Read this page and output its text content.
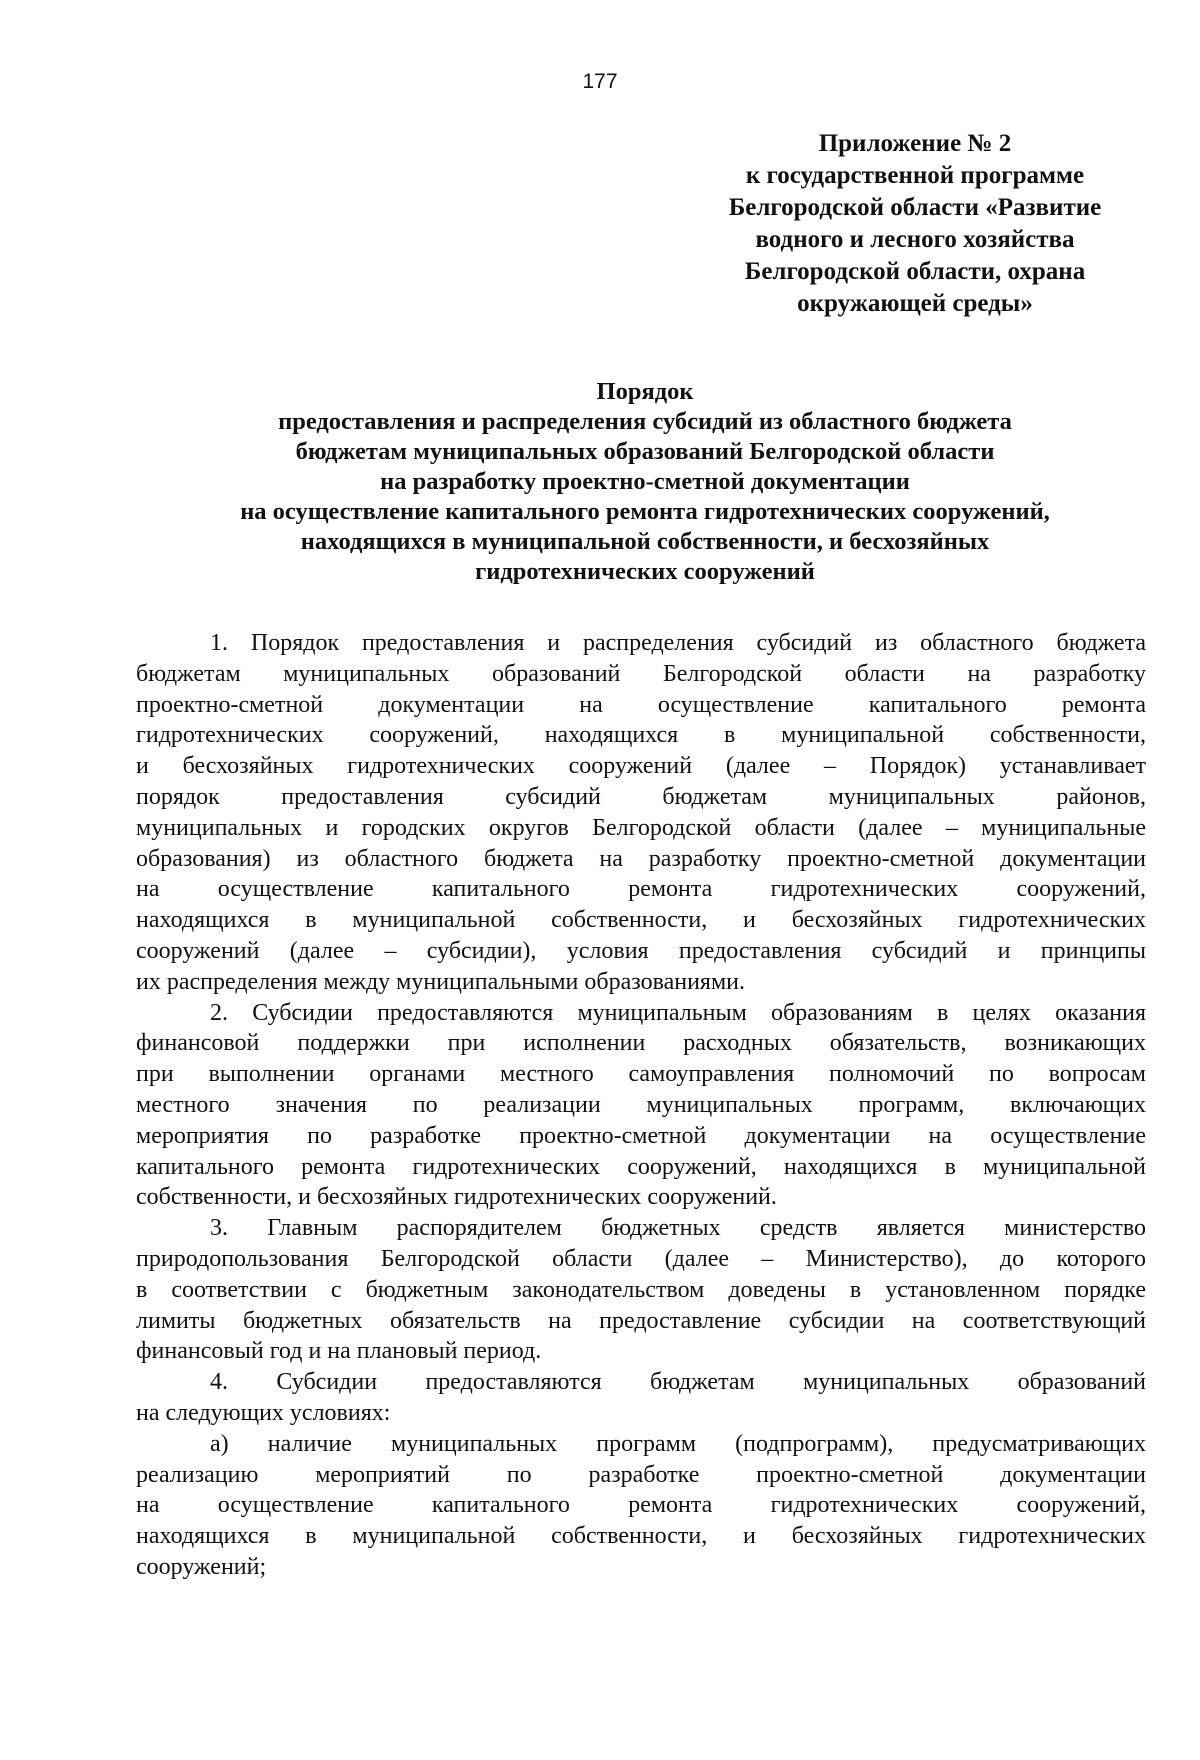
177
Приложение № 2
к государственной программе
Белгородской области «Развитие
водного и лесного хозяйства
Белгородской области, охрана
окружающей среды»
Порядок
предоставления и распределения субсидий из областного бюджета
бюджетам муниципальных образований Белгородской области
на разработку проектно-сметной документации
на осуществление капитального ремонта гидротехнических сооружений,
находящихся в муниципальной собственности, и бесхозяйных
гидротехнических сооружений
1. Порядок предоставления и распределения субсидий из областного бюджета
бюджетам муниципальных образований Белгородской области на разработку
проектно-сметной документации на осуществление капитального ремонта
гидротехнических сооружений, находящихся в муниципальной собственности,
и бесхозяйных гидротехнических сооружений (далее – Порядок) устанавливает
порядок предоставления субсидий бюджетам муниципальных районов,
муниципальных и городских округов Белгородской области (далее – муниципальные
образования) из областного бюджета на разработку проектно-сметной документации
на осуществление капитального ремонта гидротехнических сооружений,
находящихся в муниципальной собственности, и бесхозяйных гидротехнических
сооружений (далее – субсидии), условия предоставления субсидий и принципы
их распределения между муниципальными образованиями.
2. Субсидии предоставляются муниципальным образованиям в целях оказания
финансовой поддержки при исполнении расходных обязательств, возникающих
при выполнении органами местного самоуправления полномочий по вопросам
местного значения по реализации муниципальных программ, включающих
мероприятия по разработке проектно-сметной документации на осуществление
капитального ремонта гидротехнических сооружений, находящихся в муниципальной
собственности, и бесхозяйных гидротехнических сооружений.
3. Главным распорядителем бюджетных средств является министерство
природопользования Белгородской области (далее – Министерство), до которого
в соответствии с бюджетным законодательством доведены в установленном порядке
лимиты бюджетных обязательств на предоставление субсидии на соответствующий
финансовый год и на плановый период.
4. Субсидии предоставляются бюджетам муниципальных образований
на следующих условиях:
а) наличие муниципальных программ (подпрограмм), предусматривающих
реализацию мероприятий по разработке проектно-сметной документации
на осуществление капитального ремонта гидротехнических сооружений,
находящихся в муниципальной собственности, и бесхозяйных гидротехнических
сооружений;
